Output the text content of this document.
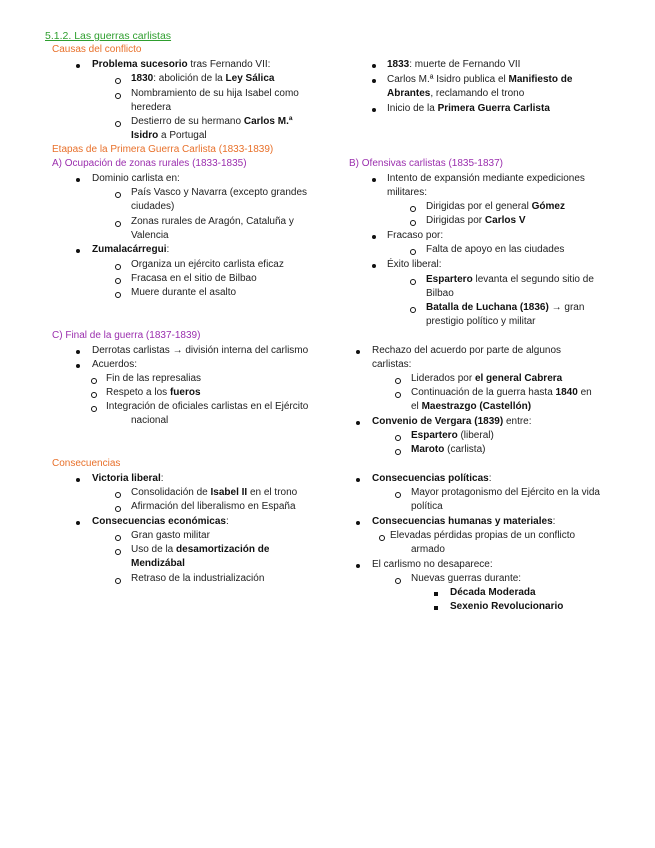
5.1.2. Las guerras carlistas
Causas del conflicto
Problema sucesorio tras Fernando VII:
1830: abolición de la Ley Sálica
Nombramiento de su hija Isabel como
heredera
Destierro de su hermano Carlos M.ª
Isidro a Portugal
1833: muerte de Fernando VII
Carlos M.ª Isidro publica el Manifiesto de
Abrantes, reclamando el trono
Inicio de la Primera Guerra Carlista
Etapas de la Primera Guerra Carlista (1833-1839)
A) Ocupación de zonas rurales (1833-1835)	B) Ofensivas carlistas (1835-1837)
Dominio carlista en:
País Vasco y Navarra (excepto grandes
ciudades)
Zonas rurales de Aragón, Cataluña y
Valencia
Zumalacárregui:
Organiza un ejército carlista eficaz
Fracasa en el sitio de Bilbao
Muere durante el asalto
Intento de expansión mediante expediciones
militares:
Dirigidas por el general Gómez
Dirigidas por Carlos V
Fracaso por:
Falta de apoyo en las ciudades
Éxito liberal:
Espartero levanta el segundo sitio de
Bilbao
Batalla de Luchana (1836) → gran
prestigio político y militar
C) Final de la guerra (1837-1839)
Derrotas carlistas → división interna del carlismo
Acuerdos:
Fin de las represalias
Respeto a los fueros
Integración de oficiales carlistas en el Ejército
nacional
Rechazo del acuerdo por parte de algunos
carlistas:
Liderados por el general Cabrera
Continuación de la guerra hasta 1840 en
el Maestrazgo (Castellón)
Convenio de Vergara (1839) entre:
Espartero (liberal)
Maroto (carlista)
Consecuencias
Victoria liberal:
Consolidación de Isabel II en el trono
Afirmación del liberalismo en España
Consecuencias económicas:
Gran gasto militar
Uso de la desamortización de
Mendizábal
Retraso de la industrialización
Consecuencias políticas:
Mayor protagonismo del Ejército en la vida
política
Consecuencias humanas y materiales:
Elevadas pérdidas propias de un conflicto
armado
El carlismo no desaparece:
Nuevas guerras durante:
Década Moderada
Sexenio Revolucionario
